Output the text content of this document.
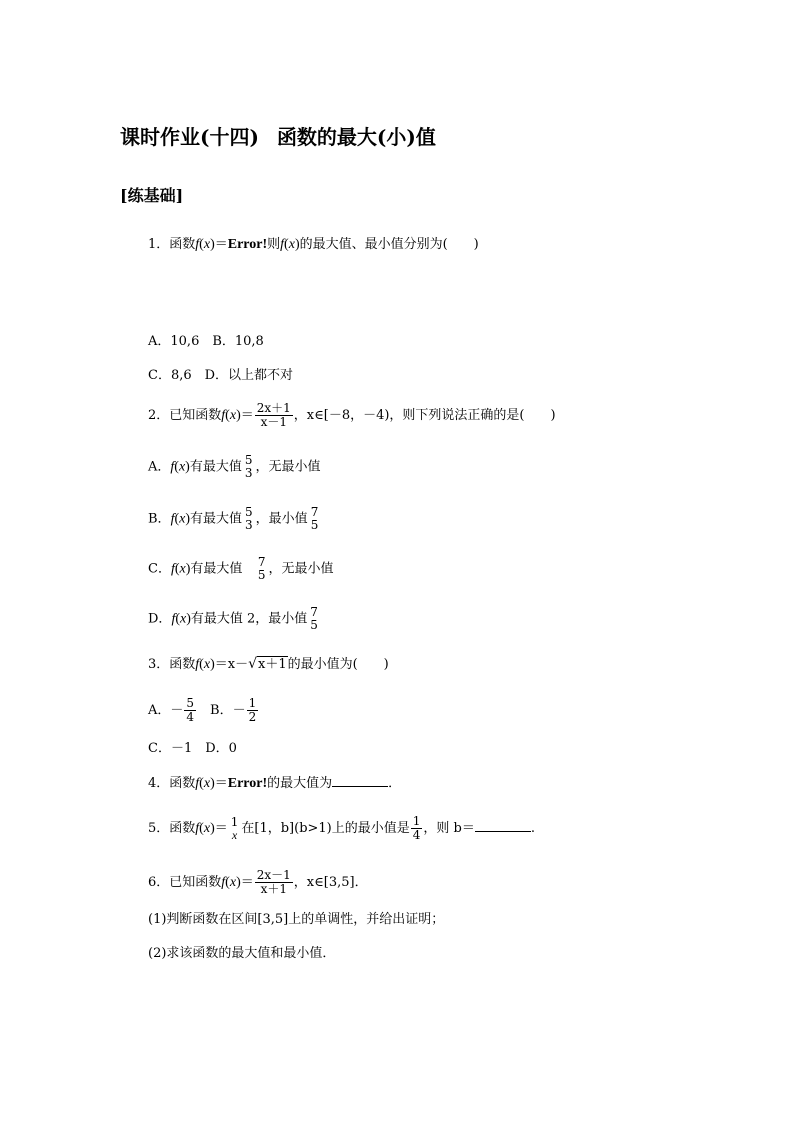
课时作业(十四) 函数的最大(小)值
[练基础]
1．函数f(x)＝Error!则f(x)的最大值、最小值分别为(　　)
A．10,6　B．10,8
C．8,6　D．以上都不对
2．已知函数$f(x)= \frac{2x+1}{x-1}$ ，x∈[－8，－4)，则下列说法正确的是(　　)
A．f(x)有最大值 5
3 ，无最小值
B．f(x)有最大值 5
3 ，最小值 7
5
C．f(x)有最大值 7
5 ，无最小值
D．f(x)有最大值 2，最小值 7
5
3．函数f(x)＝x－√x＋1的最小值为(　　)
A．－ $\frac{5}{4}$ 　B．－ $\frac{1}{2}$
C．－1　D．0
4．函数f(x)＝Error!的最大值为	．
5．函数f(x)＝ 1
x 在[1，b](b>1)上的最小值是 $\frac{1}{4}$ ，则 b＝	.
6．已知函数$f(x)= \frac{2x-1}{x+1}$ ，x∈[3,5]．
(1)判断函数在区间[3,5]上的单调性，并给出证明；
(2)求该函数的最大值和最小值．
